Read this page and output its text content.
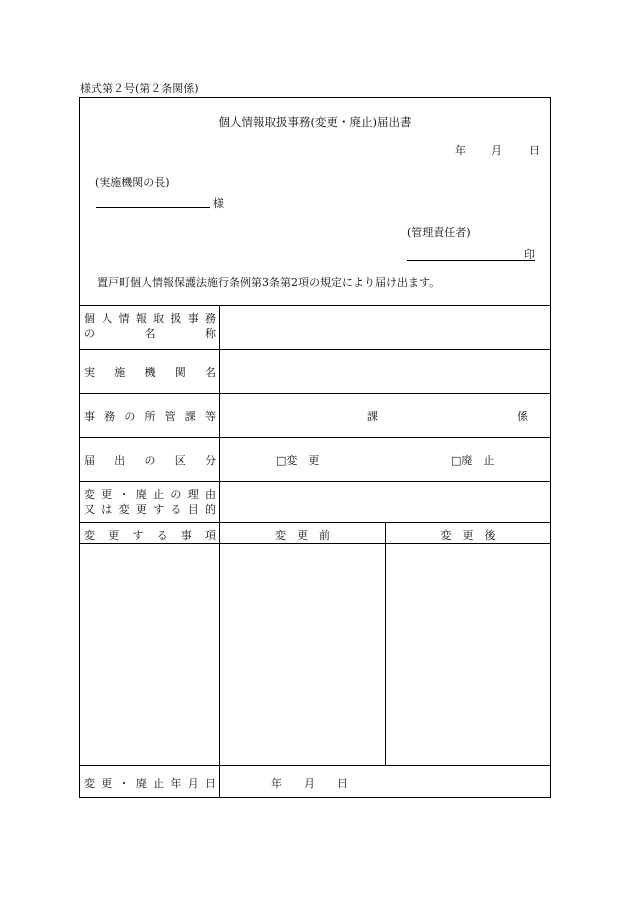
様式第２号(第２条関係)
個人情報取扱事務(変更・廃止)届出書
年 月 日
(実施機関の長)
様
(管理責任者)
印
置戸町個人情報保護法施行条例第3条第2項の規定により届け出ます。
個 人 情 報 取 扱 事 務
の	名	称
実 施 機 関 名
事 務 の 所 管 課 等	課	係
届 出 の 区 分	□変　更	□廃　止
変 更 ・ 廃 止 の 理 由
又 は 変 更 す る 目 的
変 更 す る 事 項	変　更　前	変　更　後
変 更 ・ 廃 止 年 月 日	年　　月　　日
